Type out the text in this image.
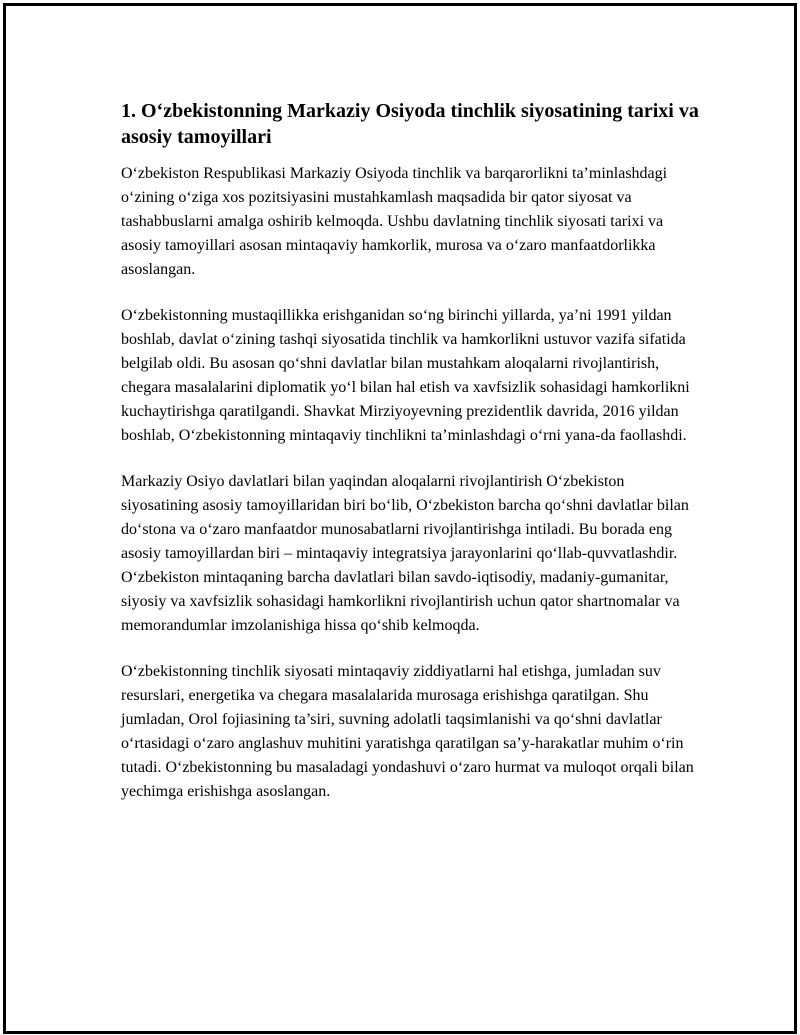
1. O‘zbekistonning Markaziy Osiyoda tinchlik siyosatining tarixi va asosiy tamoyillari

O‘zbekiston Respublikasi Markaziy Osiyoda tinchlik va barqarorlikni ta’minlashdagi o‘zining o‘ziga xos pozitsiyasini mustahkamlash maqsadida bir qator siyosat va tashabbuslarni amalga oshirib kelmoqda. Ushbu davlatning tinchlik siyosati tarixi va asosiy tamoyillari asosan mintaqaviy hamkorlik, murosa va o‘zaro manfaatdorlikka asoslangan.

O‘zbekistonning mustaqillikka erishganidan so‘ng birinchi yillarda, ya’ni 1991 yildan boshlab, davlat o‘zining tashqi siyosatida tinchlik va hamkorlikni ustuvor vazifa sifatida belgilab oldi. Bu asosan qo‘shni davlatlar bilan mustahkam aloqalarni rivojlantirish, chegara masalalarini diplomatik yo‘l bilan hal etish va xavfsizlik sohasidagi hamkorlikni kuchaytirishga qaratilgandi. Shavkat Mirziyoyevning prezidentlik davrida, 2016 yildan boshlab, O‘zbekistonning mintaqaviy tinchlikni ta’minlashdagi o‘rni yana-da faollashdi.

Markaziy Osiyo davlatlari bilan yaqindan aloqalarni rivojlantirish O‘zbekiston siyosatining asosiy tamoyillaridan biri bo‘lib, O‘zbekiston barcha qo‘shni davlatlar bilan do‘stona va o‘zaro manfaatdor munosabatlarni rivojlantirishga intiladi. Bu borada eng asosiy tamoyillardan biri – mintaqaviy integratsiya jarayonlarini qo‘llab-quvvatlashdir. O‘zbekiston mintaqaning barcha davlatlari bilan savdo-iqtisodiy, madaniy-gumanitar, siyosiy va xavfsizlik sohasidagi hamkorlikni rivojlantirish uchun qator shartnomalar va memorandumlar imzolanishiga hissa qo‘shib kelmoqda.

O‘zbekistonning tinchlik siyosati mintaqaviy ziddiyatlarni hal etishga, jumladan suv resurslari, energetika va chegara masalalarida murosaga erishishga qaratilgan. Shu jumladan, Orol fojiasining ta’siri, suvning adolatli taqsimlanishi va qo‘shni davlatlar o‘rtasidagi o‘zaro anglashuv muhitini yaratishga qaratilgan sa’y-harakatlar muhim o‘rin tutadi. O‘zbekistonning bu masaladagi yondashuvi o‘zaro hurmat va muloqot orqali bilan yechimga erishishga asoslangan.
